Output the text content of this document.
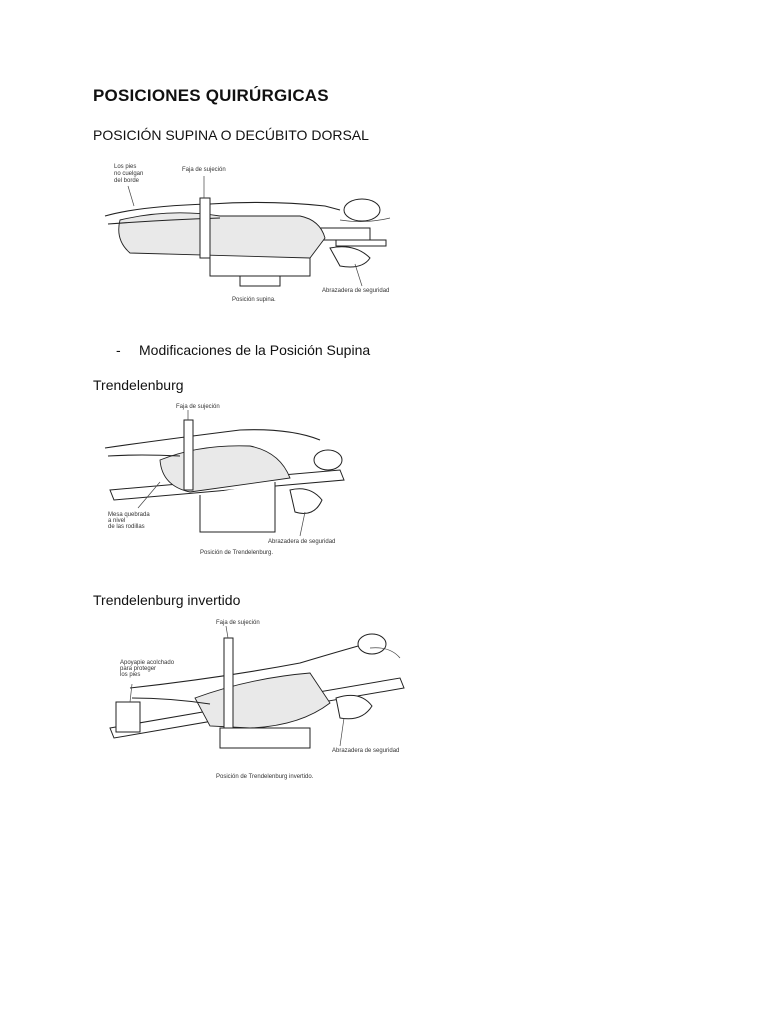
POSICIONES QUIRÚRGICAS
POSICIÓN SUPINA O DECÚBITO DORSAL
Los pies
no cuelgan
del borde
Faja de sujeción
Abrazadera de seguridad
Posición supina.
- Modificaciones de la Posición Supina
Trendelenburg
Faja de sujeción
Mesa quebrada
a nivel
de las rodillas
Abrazadera de seguridad
Posición de Trendelenburg.
Trendelenburg invertido
Faja de sujeción
Apoyapie acolchado
para proteger
los pies
Abrazadera de seguridad
Posición de Trendelenburg invertido.
